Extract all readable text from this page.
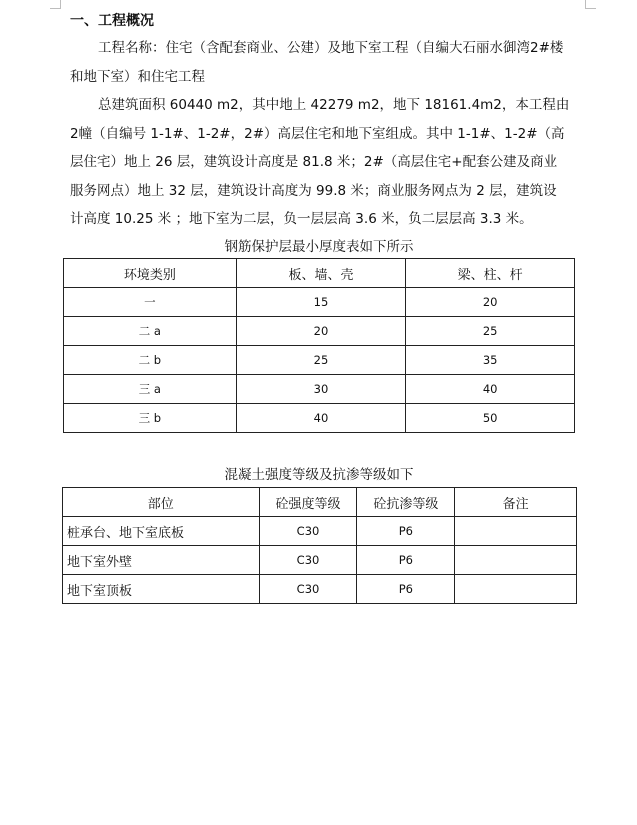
一、工程概况

工程名称：住宅（含配套商业、公建）及地下室工程（自编大石丽水御湾2#楼和地下室）和住宅工程

总建筑面积 60440 m2，其中地上 42279 m2，地下 18161.4m2，本工程由 2幢（自编号 1-1#、1-2#，2#）高层住宅和地下室组成。其中 1-1#、1-2#（高层住宅）地上 26 层，建筑设计高度是 81.8 米；2#（高层住宅+配套公建及商业服务网点）地上 32 层，建筑设计高度为 99.8 米；商业服务网点为 2 层，建筑设计高度 10.25 米 ；地下室为二层，负一层层高 3.6 米，负二层层高 3.3 米。

钢筋保护层最小厚度表如下所示
环境类别	板、墙、壳	梁、柱、杆
一	15	20
二 a	20	25
二 b	25	35
三 a	30	40
三 b	40	50
混凝土强度等级及抗渗等级如下
部位	砼强度等级	砼抗渗等级	备注
桩承台、地下室底板	C30	P6	
地下室外壁	C30	P6	
地下室顶板	C30	P6	
